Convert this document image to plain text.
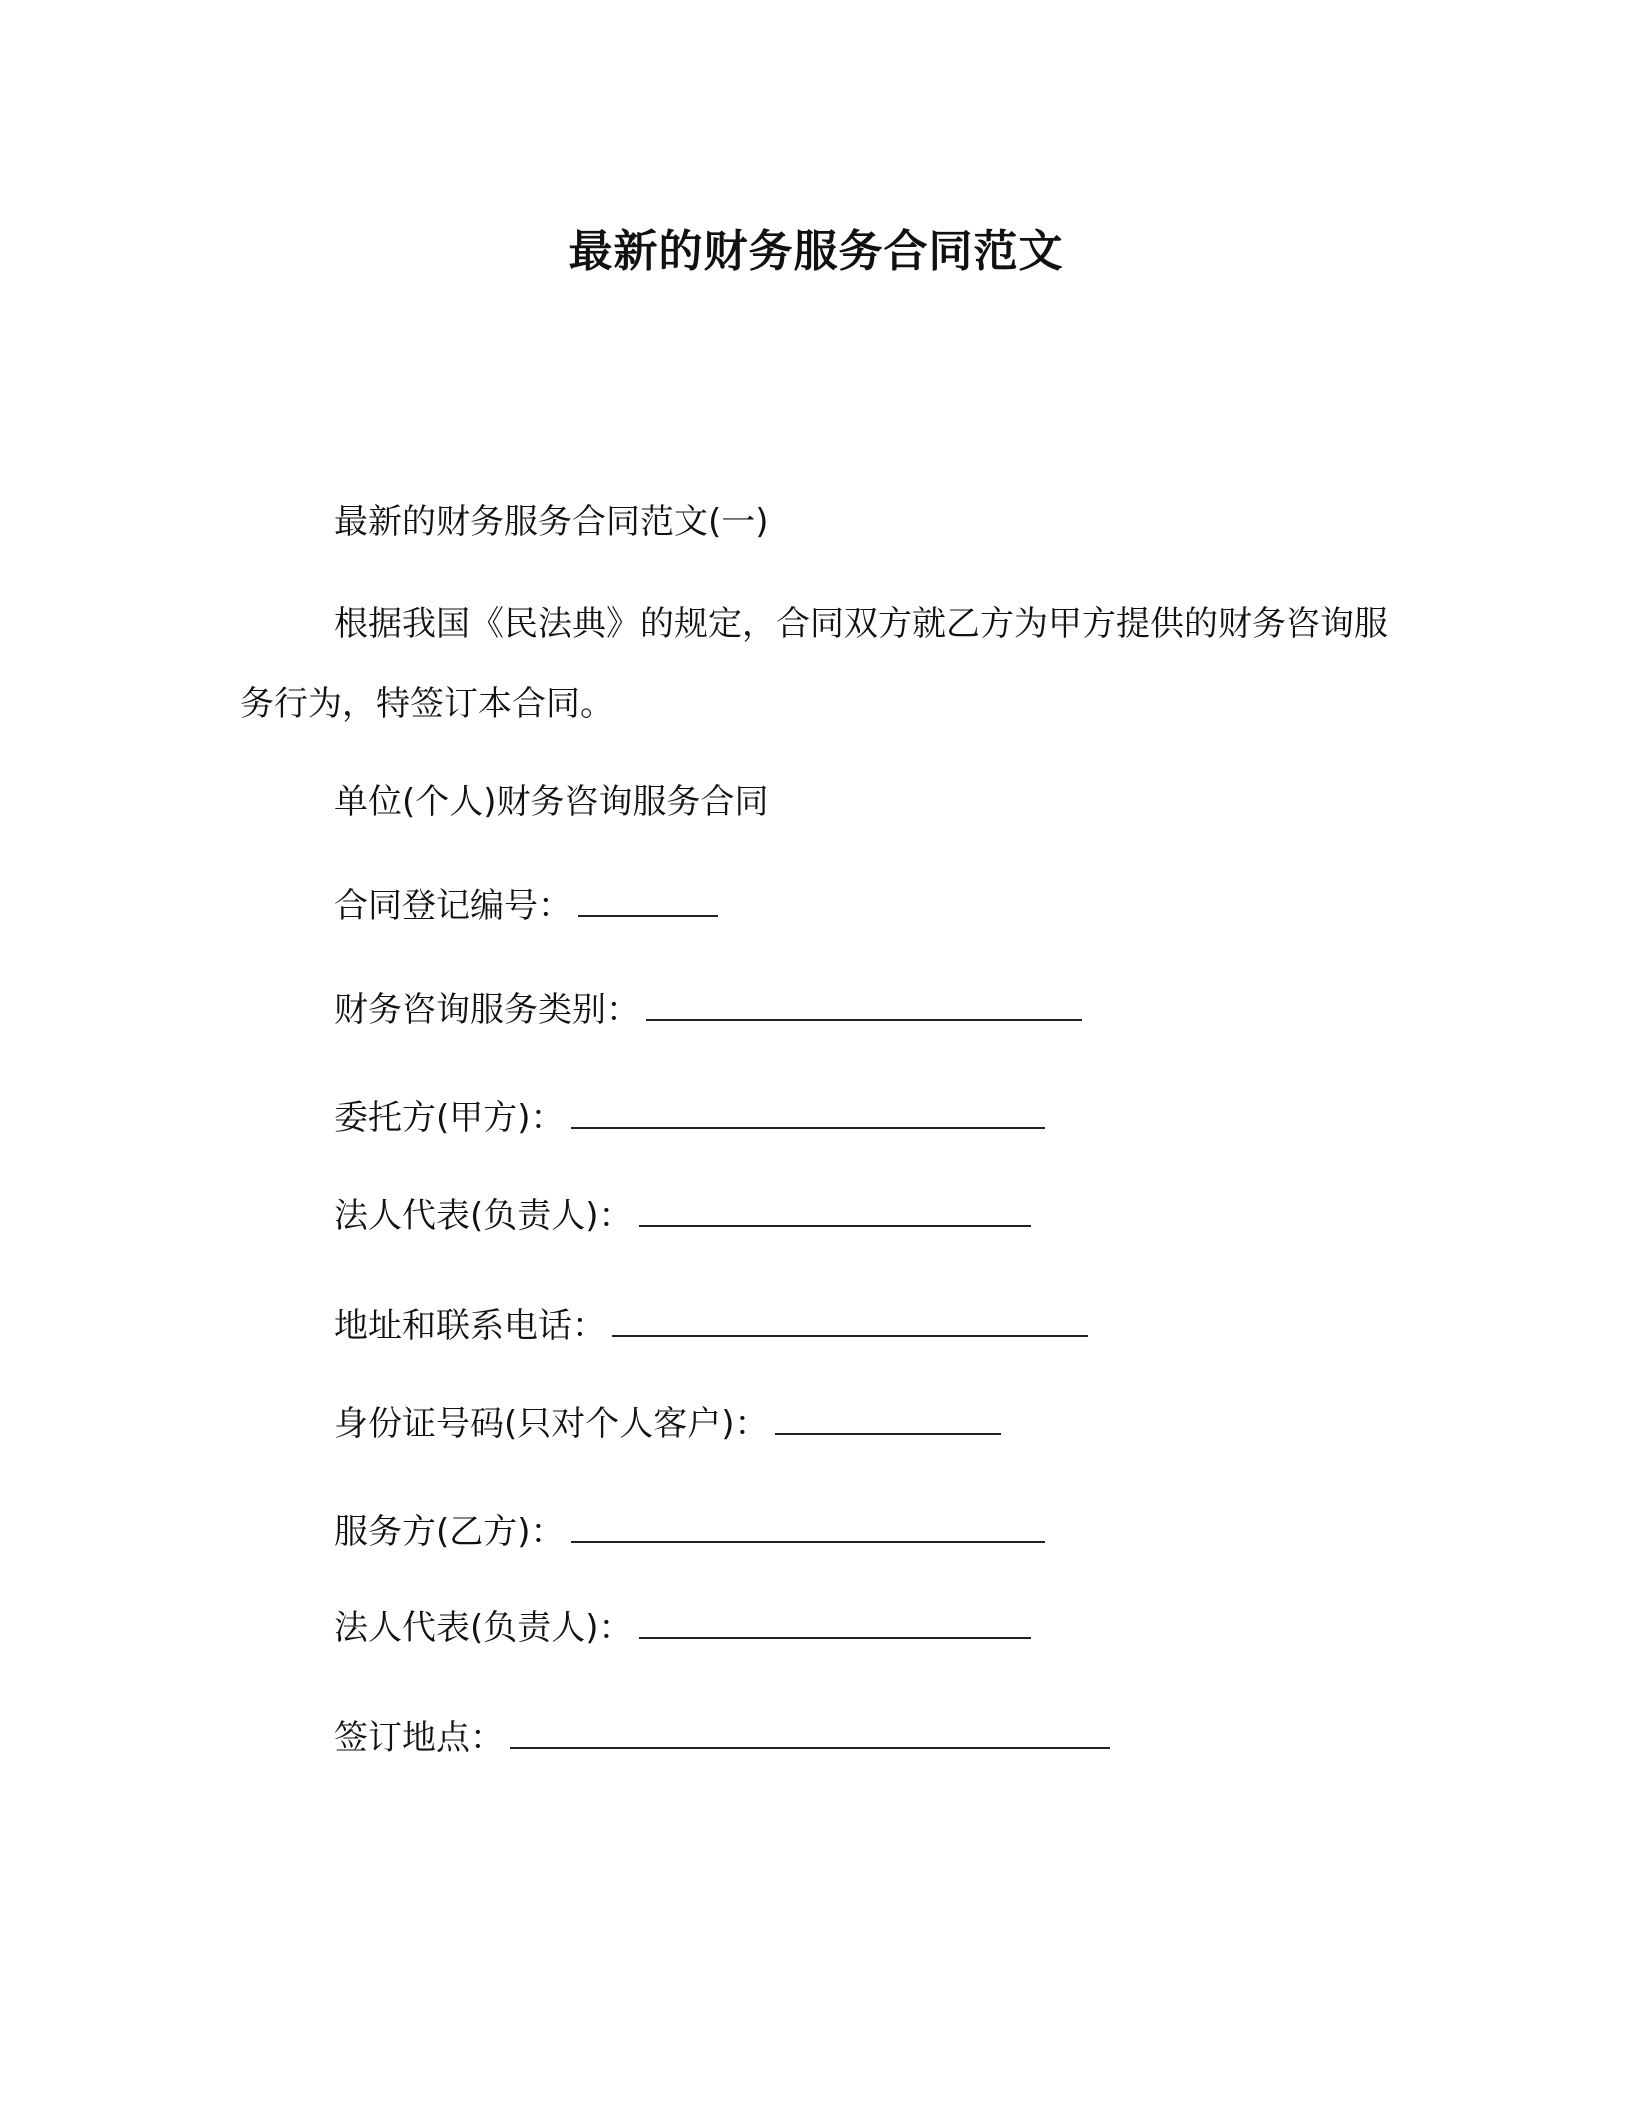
最新的财务服务合同范文
最新的财务服务合同范文(一)
根据我国《民法典》的规定，合同双方就乙方为甲方提供的财务咨询服务行为，特签订本合同。
单位(个人)财务咨询服务合同
合同登记编号：
财务咨询服务类别：
委托方(甲方)：
法人代表(负责人)：
地址和联系电话：
身份证号码(只对个人客户)：
服务方(乙方)：
法人代表(负责人)：
签订地点：
